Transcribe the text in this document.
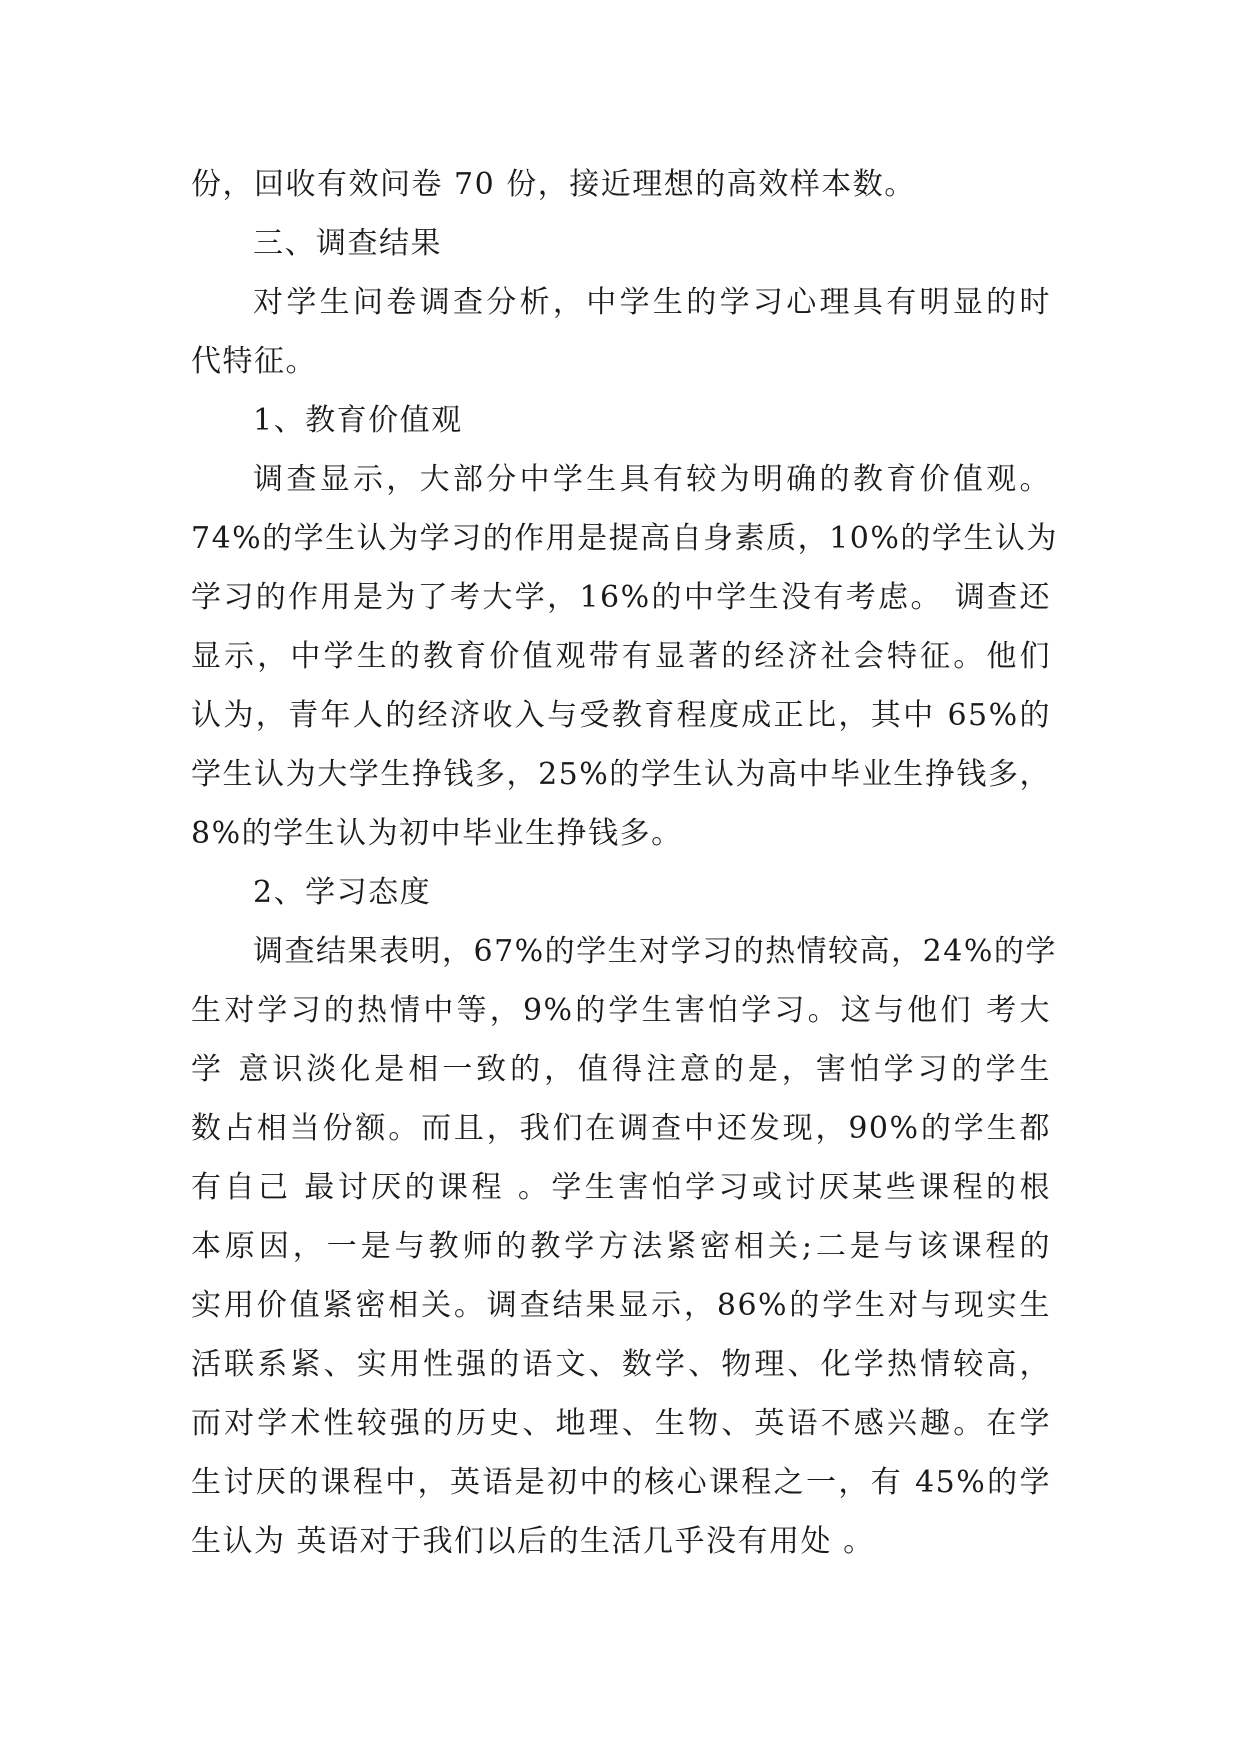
份，回收有效问卷 70 份，接近理想的高效样本数。
三、调查结果
对学生问卷调查分析，中学生的学习心理具有明显的时
代特征。
1、教育价值观
调查显示，大部分中学生具有较为明确的教育价值观。
74%的学生认为学习的作用是提高自身素质，10%的学生认为
学习的作用是为了考大学，16%的中学生没有考虑。 调查还
显示，中学生的教育价值观带有显著的经济社会特征。他们
认为，青年人的经济收入与受教育程度成正比，其中 65%的
学生认为大学生挣钱多，25%的学生认为高中毕业生挣钱多，
8%的学生认为初中毕业生挣钱多。
2、学习态度
调查结果表明，67%的学生对学习的热情较高，24%的学
生对学习的热情中等，9%的学生害怕学习。这与他们 考大
学 意识淡化是相一致的，值得注意的是，害怕学习的学生
数占相当份额。而且，我们在调查中还发现，90%的学生都
有自己 最讨厌的课程 。学生害怕学习或讨厌某些课程的根
本原因，一是与教师的教学方法紧密相关;二是与该课程的
实用价值紧密相关。调查结果显示，86%的学生对与现实生
活联系紧、实用性强的语文、数学、物理、化学热情较高，
而对学术性较强的历史、地理、生物、英语不感兴趣。在学
生讨厌的课程中，英语是初中的核心课程之一，有 45%的学
生认为 英语对于我们以后的生活几乎没有用处 。
